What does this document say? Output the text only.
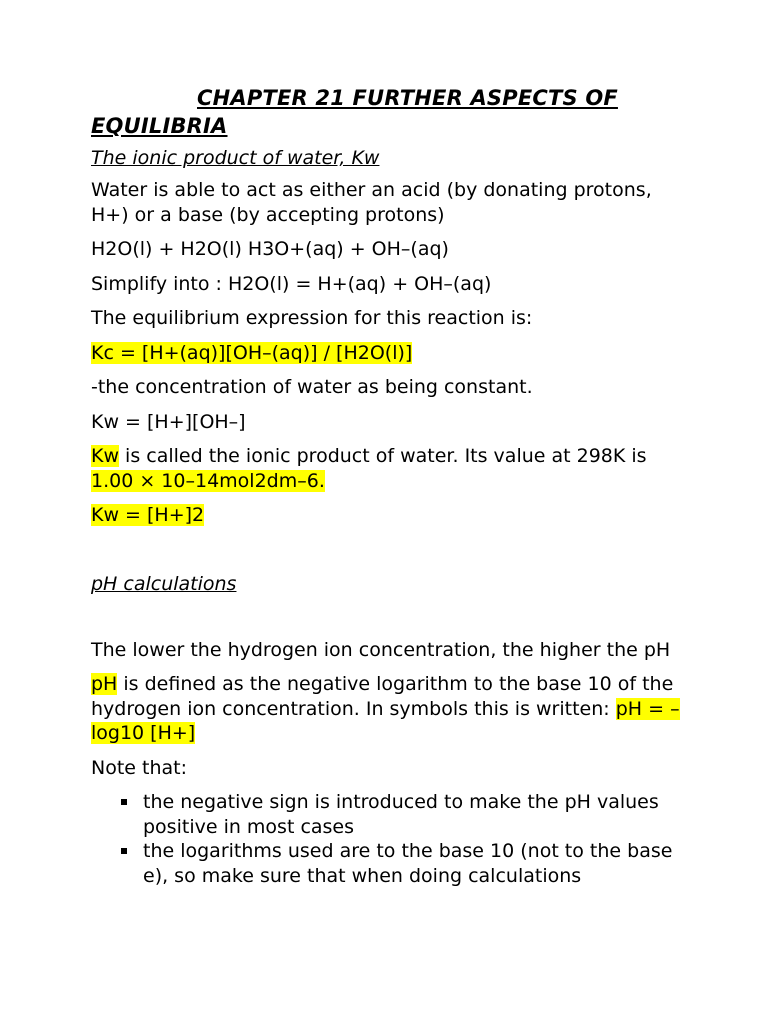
CHAPTER 21 FURTHER ASPECTS OF EQUILIBRIA
The ionic product of water, Kw

Water is able to act as either an acid (by donating protons, H+) or a base (by accepting protons)

H2O(l) + H2O(l) H3O+(aq) + OH–(aq)

Simplify into : H2O(l) = H+(aq) + OH–(aq)

The equilibrium expression for this reaction is:

Kc = [H+(aq)][OH–(aq)] / [H2O(l)]

-the concentration of water as being constant.

Kw = [H+][OH–]

Kw is called the ionic product of water. Its value at 298K is 1.00 × 10–14mol2dm–6.

Kw = [H+]2

pH calculations

The lower the hydrogen ion concentration, the higher the pH

pH is defined as the negative logarithm to the base 10 of the hydrogen ion concentration. In symbols this is written: pH = –log10 [H+]

Note that:

the negative sign is introduced to make the pH values positive in most cases
the logarithms used are to the base 10 (not to the base e), so make sure that when doing calculations
